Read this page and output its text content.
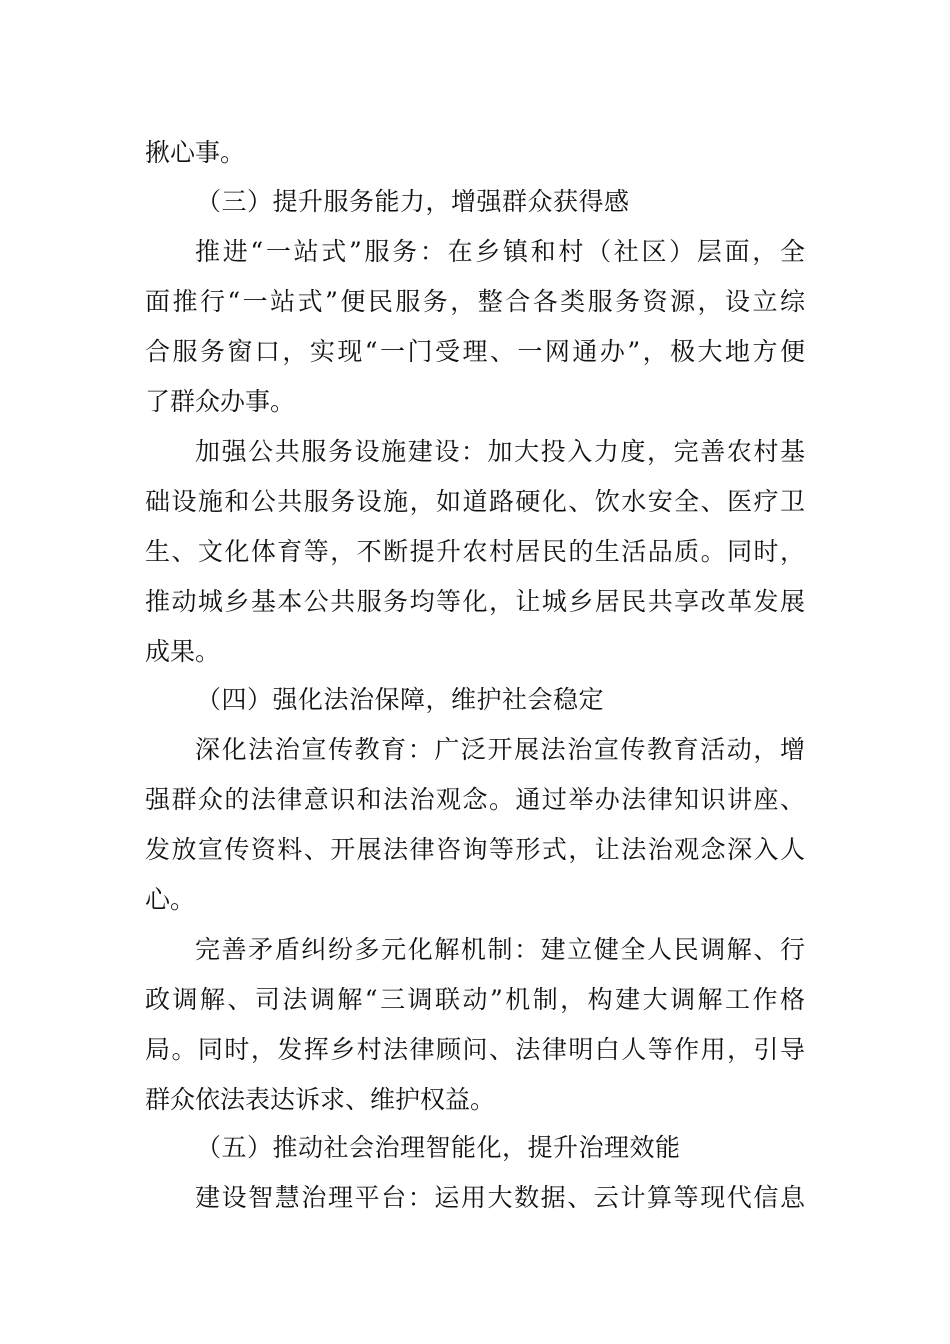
揪心事。
（三）提升服务能力，增强群众获得感
推进“一站式”服务：在乡镇和村（社区）层面，全
面推行“一站式”便民服务，整合各类服务资源，设立综
合服务窗口，实现“一门受理、一网通办”，极大地方便
了群众办事。
加强公共服务设施建设：加大投入力度，完善农村基
础设施和公共服务设施，如道路硬化、饮水安全、医疗卫
生、文化体育等，不断提升农村居民的生活品质。同时，
推动城乡基本公共服务均等化，让城乡居民共享改革发展
成果。
（四）强化法治保障，维护社会稳定
深化法治宣传教育：广泛开展法治宣传教育活动，增
强群众的法律意识和法治观念。通过举办法律知识讲座、
发放宣传资料、开展法律咨询等形式，让法治观念深入人
心。
完善矛盾纠纷多元化解机制：建立健全人民调解、行
政调解、司法调解“三调联动”机制，构建大调解工作格
局。同时，发挥乡村法律顾问、法律明白人等作用，引导
群众依法表达诉求、维护权益。
（五）推动社会治理智能化，提升治理效能
建设智慧治理平台：运用大数据、云计算等现代信息
